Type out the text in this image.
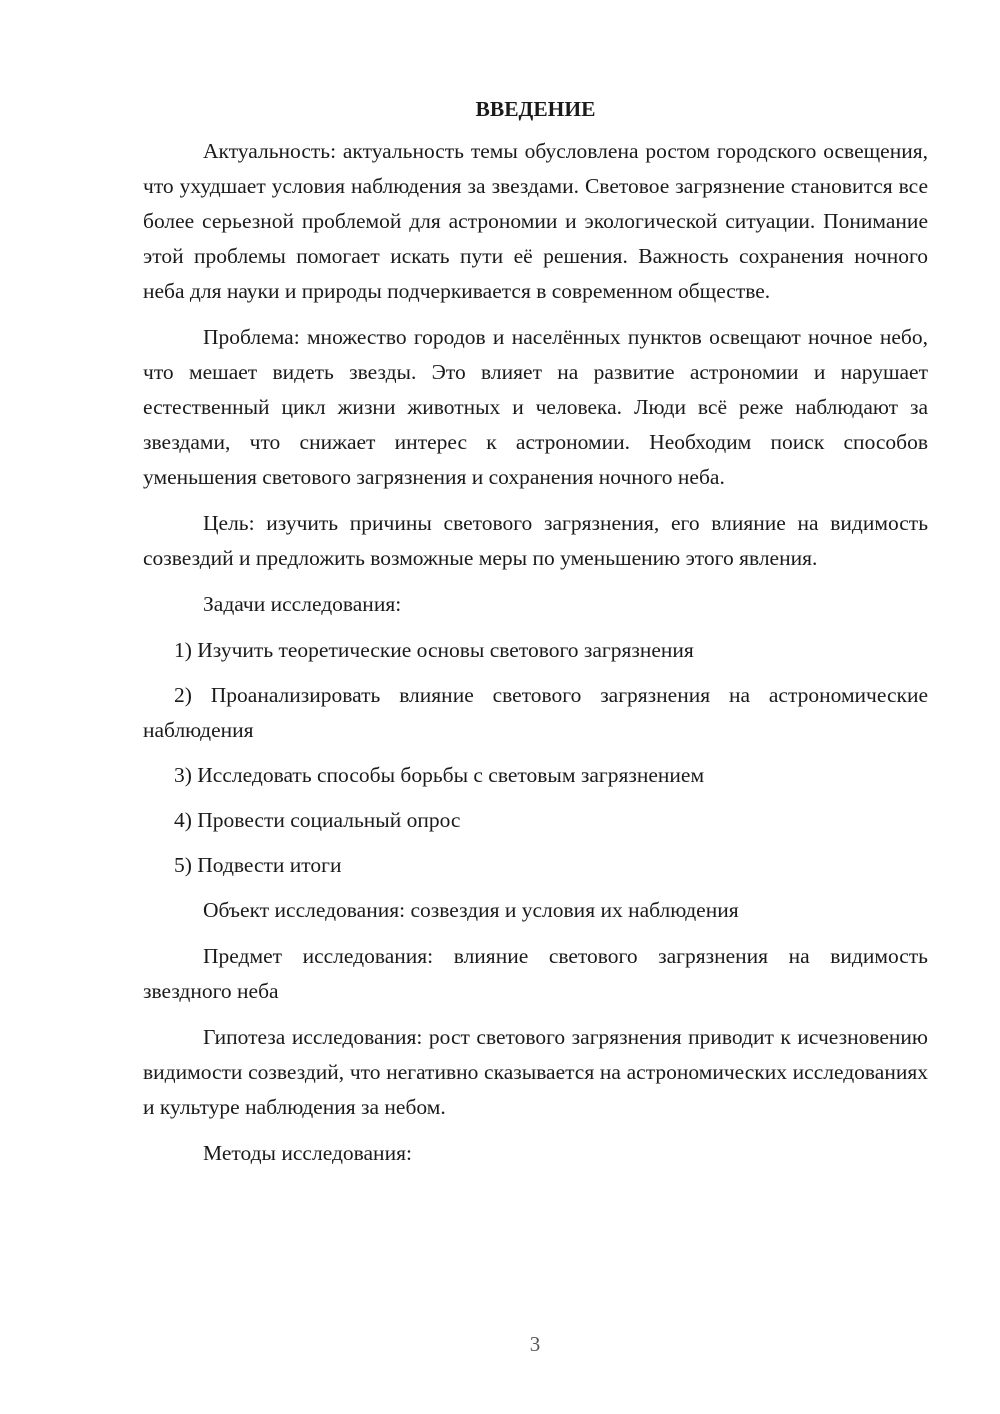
ВВЕДЕНИЕ

Актуальность: актуальность темы обусловлена ростом городского освещения, что ухудшает условия наблюдения за звездами. Световое загрязнение становится все более серьезной проблемой для астрономии и экологической ситуации. Понимание этой проблемы помогает искать пути её решения. Важность сохранения ночного неба для науки и природы подчеркивается в современном обществе.

Проблема: множество городов и населённых пунктов освещают ночное небо, что мешает видеть звезды. Это влияет на развитие астрономии и нарушает естественный цикл жизни животных и человека. Люди всё реже наблюдают за звездами, что снижает интерес к астрономии. Необходим поиск способов уменьшения светового загрязнения и сохранения ночного неба.

Цель: изучить причины светового загрязнения, его влияние на видимость созвездий и предложить возможные меры по уменьшению этого явления.

Задачи исследования:

1) Изучить теоретические основы светового загрязнения

2) Проанализировать влияние светового загрязнения на астрономические наблюдения

3) Исследовать способы борьбы с световым загрязнением

4) Провести социальный опрос

5) Подвести итоги

Объект исследования: созвездия и условия их наблюдения

Предмет исследования: влияние светового загрязнения на видимость звездного неба

Гипотеза исследования: рост светового загрязнения приводит к исчезновению видимости созвездий, что негативно сказывается на астрономических исследованиях и культуре наблюдения за небом.

Методы исследования:

3
